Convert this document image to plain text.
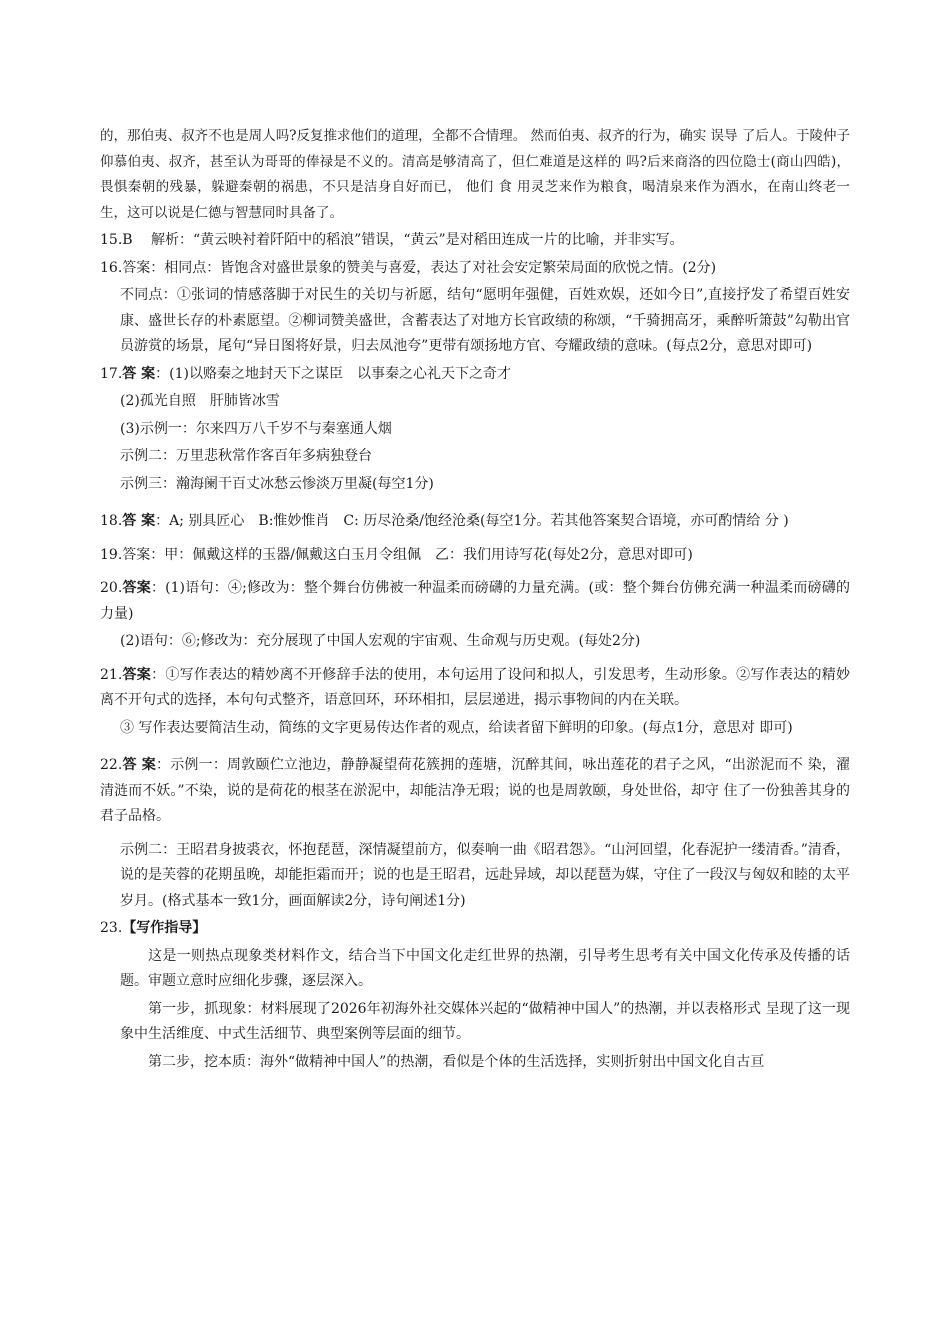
的，那伯夷、叔齐不也是周人吗?反复推求他们的道理，全都不合情理。 然而伯夷、叔齐的行为，确实 误导 了后人。于陵仲子仰慕伯夷、叔齐，甚至认为哥哥的俸禄是不义的。清高是够清高了，但仁难道是这样的 吗?后来商洛的四位隐士(商山四皓)，畏惧秦朝的残暴，躲避秦朝的祸患，不只是洁身自好而已， 他们 食 用灵芝来作为粮食，喝清泉来作为酒水，在南山终老一生，这可以说是仁德与智慧同时具备了。

15.B　 解析：“黄云映衬着阡陌中的稻浪”错误，“黄云”是对稻田连成一片的比喻，并非实写。

16.答案：相同点：皆饱含对盛世景象的赞美与喜爱，表达了对社会安定繁荣局面的欣悦之情。(2分)

不同点：①张词的情感落脚于对民生的关切与祈愿，结句“愿明年强健，百姓欢娱，还如今日”,直接抒发了希望百姓安康、盛世长存的朴素愿望。②柳词赞美盛世，含蓄表达了对地方长官政绩的称颂，“千骑拥高牙，乘醉听箫鼓”勾勒出官员游赏的场景，尾句“异日图将好景，归去凤池夸”更带有颂扬地方官、夸耀政绩的意味。(每点2分，意思对即可)

17.答 案：(1)以赂秦之地封天下之谋臣　以事秦之心礼天下之奇才

(2)孤光自照　肝肺皆冰雪

(3)示例一：尔来四万八千岁不与秦塞通人烟

示例二：万里悲秋常作客百年多病独登台

示例三：瀚海阑干百丈冰愁云惨淡万里凝(每空1分)

18.答 案：A; 别具匠心　B:惟妙惟肖　C: 历尽沧桑/饱经沧桑(每空1分。若其他答案契合语境，亦可酌情给 分 )

19.答案：甲：佩戴这样的玉器/佩戴这白玉月令组佩　乙：我们用诗写花(每处2分，意思对即可)

20.答案：(1)语句：④;修改为：整个舞台仿佛被一种温柔而磅礴的力量充满。(或：整个舞台仿佛充满一种温柔而磅礴的力量)

(2)语句：⑥;修改为：充分展现了中国人宏观的宇宙观、生命观与历史观。(每处2分)

21.答案：①写作表达的精妙离不开修辞手法的使用，本句运用了设问和拟人，引发思考，生动形象。②写作表达的精妙离不开句式的选择，本句句式整齐，语意回环，环环相扣，层层递进，揭示事物间的内在关联。

③ 写作表达要简洁生动，简练的文字更易传达作者的观点，给读者留下鲜明的印象。(每点1分，意思对 即可)

22.答 案：示例一：周敦颐伫立池边，静静凝望荷花簇拥的莲塘，沉醉其间，咏出莲花的君子之风，“出淤泥而不 染，濯清涟而不妖。”不染，说的是荷花的根茎在淤泥中，却能洁净无瑕；说的也是周敦颐，身处世俗，却守 住了一份独善其身的君子品格。

示例二：王昭君身披裘衣，怀抱琵琶，深情凝望前方，似奏响一曲《昭君怨》。“山河回望，化春泥护一缕清香。”清香，说的是芙蓉的花期虽晚，却能拒霜而开；说的也是王昭君，远赴异域，却以琵琶为媒，守住了一段汉与匈奴和睦的太平岁月。(格式基本一致1分，画面解读2分，诗句阐述1分)

23.【写作指导】

这是一则热点现象类材料作文，结合当下中国文化走红世界的热潮，引导考生思考有关中国文化传承及传播的话题。审题立意时应细化步骤，逐层深入。

第一步，抓现象：材料展现了2026年初海外社交媒体兴起的“做精神中国人”的热潮，并以表格形式 呈现了这一现象中生活维度、中式生活细节、典型案例等层面的细节。

第二步，挖本质：海外“做精神中国人”的热潮，看似是个体的生活选择，实则折射出中国文化自古亘
